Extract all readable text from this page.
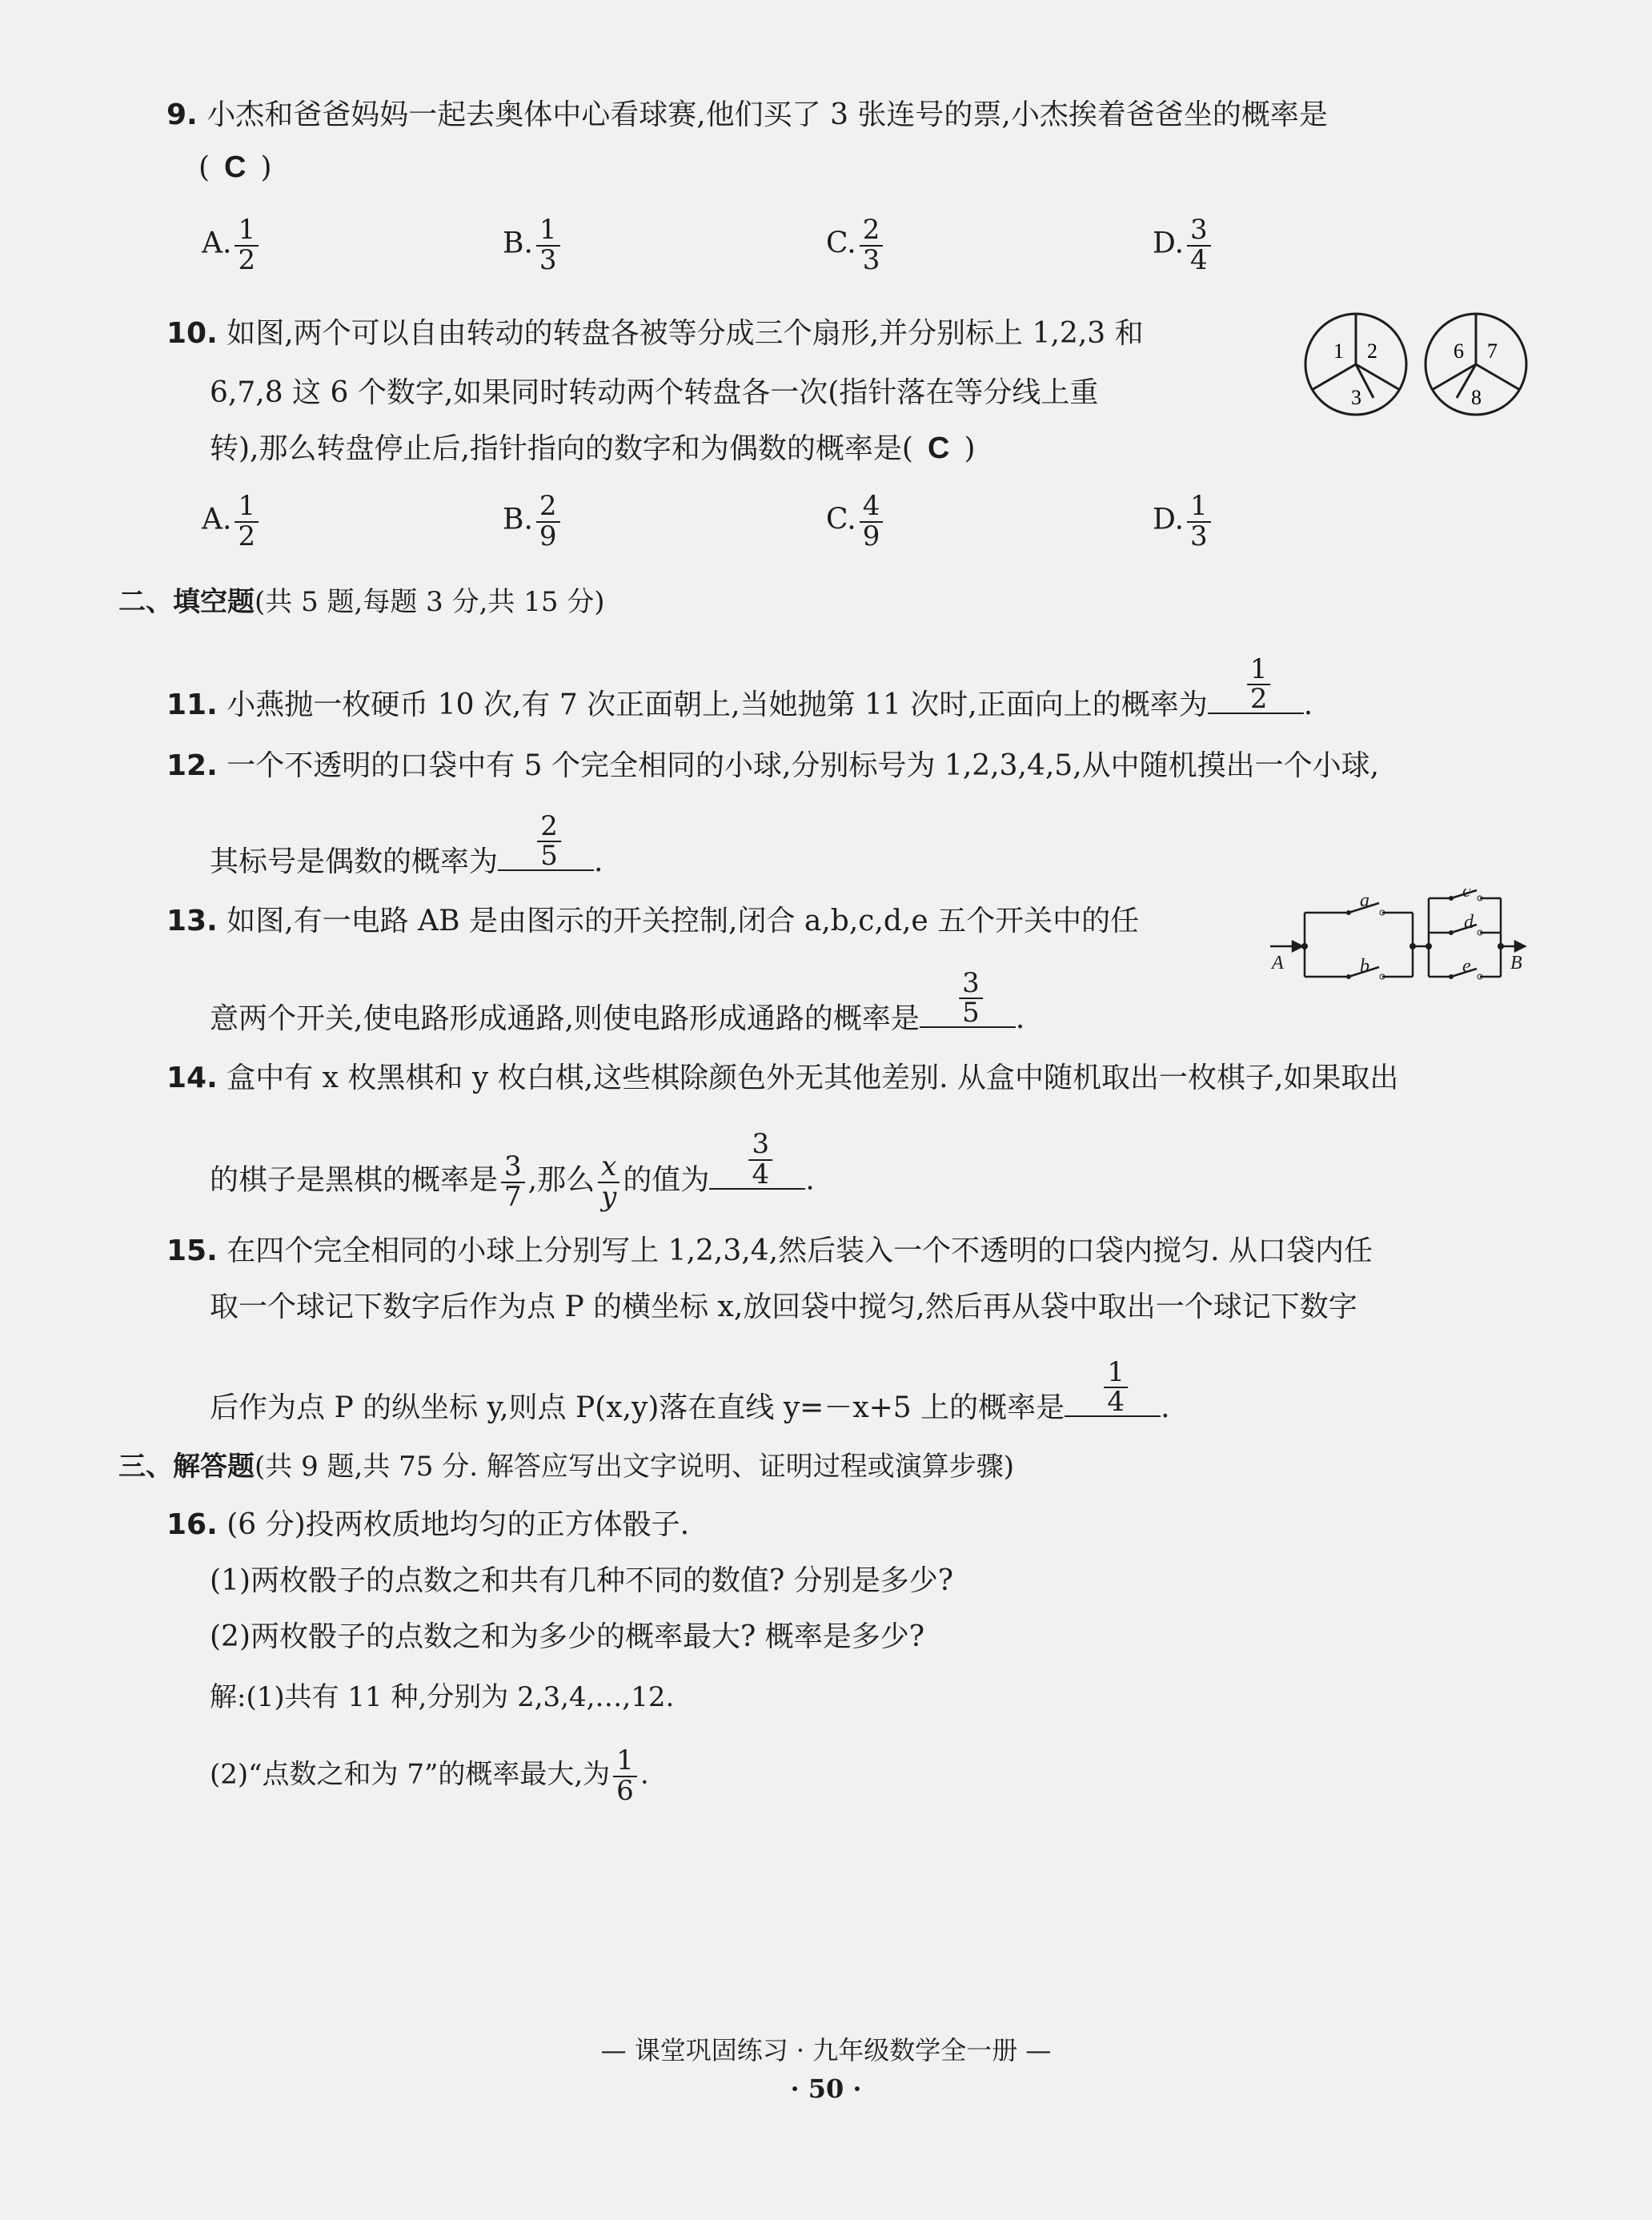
9. 小杰和爸爸妈妈一起去奥体中心看球赛,他们买了 3 张连号的票,小杰挨着爸爸坐的概率是
( C )
A. $\frac{1}{2}$	B. $\frac{1}{3}$	C. $\frac{2}{3}$	D. $\frac{3}{4}$
10. 如图,两个可以自由转动的转盘各被等分成三个扇形,并分别标上 1,2,3 和
6,7,8 这 6 个数字,如果同时转动两个转盘各一次(指针落在等分线上重
转),那么转盘停止后,指针指向的数字和为偶数的概率是( C )
1 2
3
6 7
8
A. $\frac{1}{2}$	B. $\frac{2}{9}$	C. $\frac{4}{9}$	D. $\frac{1}{3}$
二、填空题(共 5 题,每题 3 分,共 15 分)
11. 小燕抛一枚硬币 10 次,有 7 次正面朝上,当她抛第 11 次时,正面向上的概率为 $\frac{1}{2}$ .
12. 一个不透明的口袋中有 5 个完全相同的小球,分别标号为 1,2,3,4,5,从中随机摸出一个小球,
其标号是偶数的概率为 $\frac{2}{5}$ .
13. 如图,有一电路 AB 是由图示的开关控制,闭合 a,b,c,d,e 五个开关中的任
意两个开关,使电路形成通路,则使电路形成通路的概率是 $\frac{3}{5}$ .
a
b
c
d
e
A	B
14. 盒中有 x 枚黑棋和 y 枚白棋,这些棋除颜色外无其他差别. 从盒中随机取出一枚棋子,如果取出
的棋子是黑棋的概率是 $\frac{3}{7}$ ,那么 $\frac{x}{y}$ 的值为 $\frac{3}{4}$ .
15. 在四个完全相同的小球上分别写上 1,2,3,4,然后装入一个不透明的口袋内搅匀. 从口袋内任
取一个球记下数字后作为点 P 的横坐标 x,放回袋中搅匀,然后再从袋中取出一个球记下数字
后作为点 P 的纵坐标 y,则点 P(x,y)落在直线 y=－x+5 上的概率是 $\frac{1}{4}$ .
三、解答题(共 9 题,共 75 分. 解答应写出文字说明、证明过程或演算步骤)
16. (6 分)投两枚质地均匀的正方体骰子.
(1)两枚骰子的点数之和共有几种不同的数值? 分别是多少?
(2)两枚骰子的点数之和为多少的概率最大? 概率是多少?
解:(1)共有 11 种,分别为 2,3,4,…,12.
(2)“点数之和为 7”的概率最大,为 $\frac{1}{6}$ .
— 课堂巩固练习 · 九年级数学全一册 —
· 50 ·
